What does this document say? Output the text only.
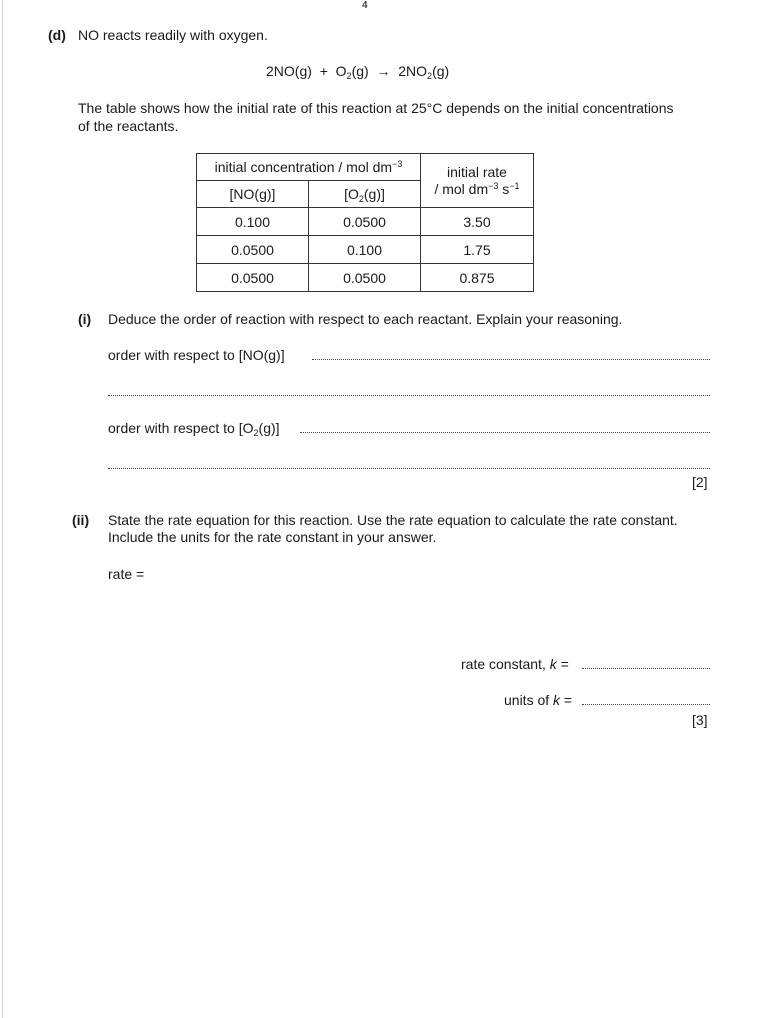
4
(d) NO reacts readily with oxygen.
$2NO(g) + O_2(g) \to 2NO_2(g)$
The table shows how the initial rate of this reaction at 25°C depends on the initial concentrations
of the reactants.
initial concentration / mol $dm^{-3}$		initial rate
/ mol $dm^{-3}$ $s^{-1}$

[NO(g)]	$[O_2(g)]$	
0.100	0.0500	3.50
0.0500	0.100	1.75
0.0500	0.0500	0.875
(i) Deduce the order of reaction with respect to each reactant. Explain your reasoning.
order with respect to [NO(g)]
order with respect to $[O_2(g)]$
[2]
(ii) State the rate equation for this reaction. Use the rate equation to calculate the rate constant.
Include the units for the rate constant in your answer.
rate =
rate constant, k =
units of k =
[3]
